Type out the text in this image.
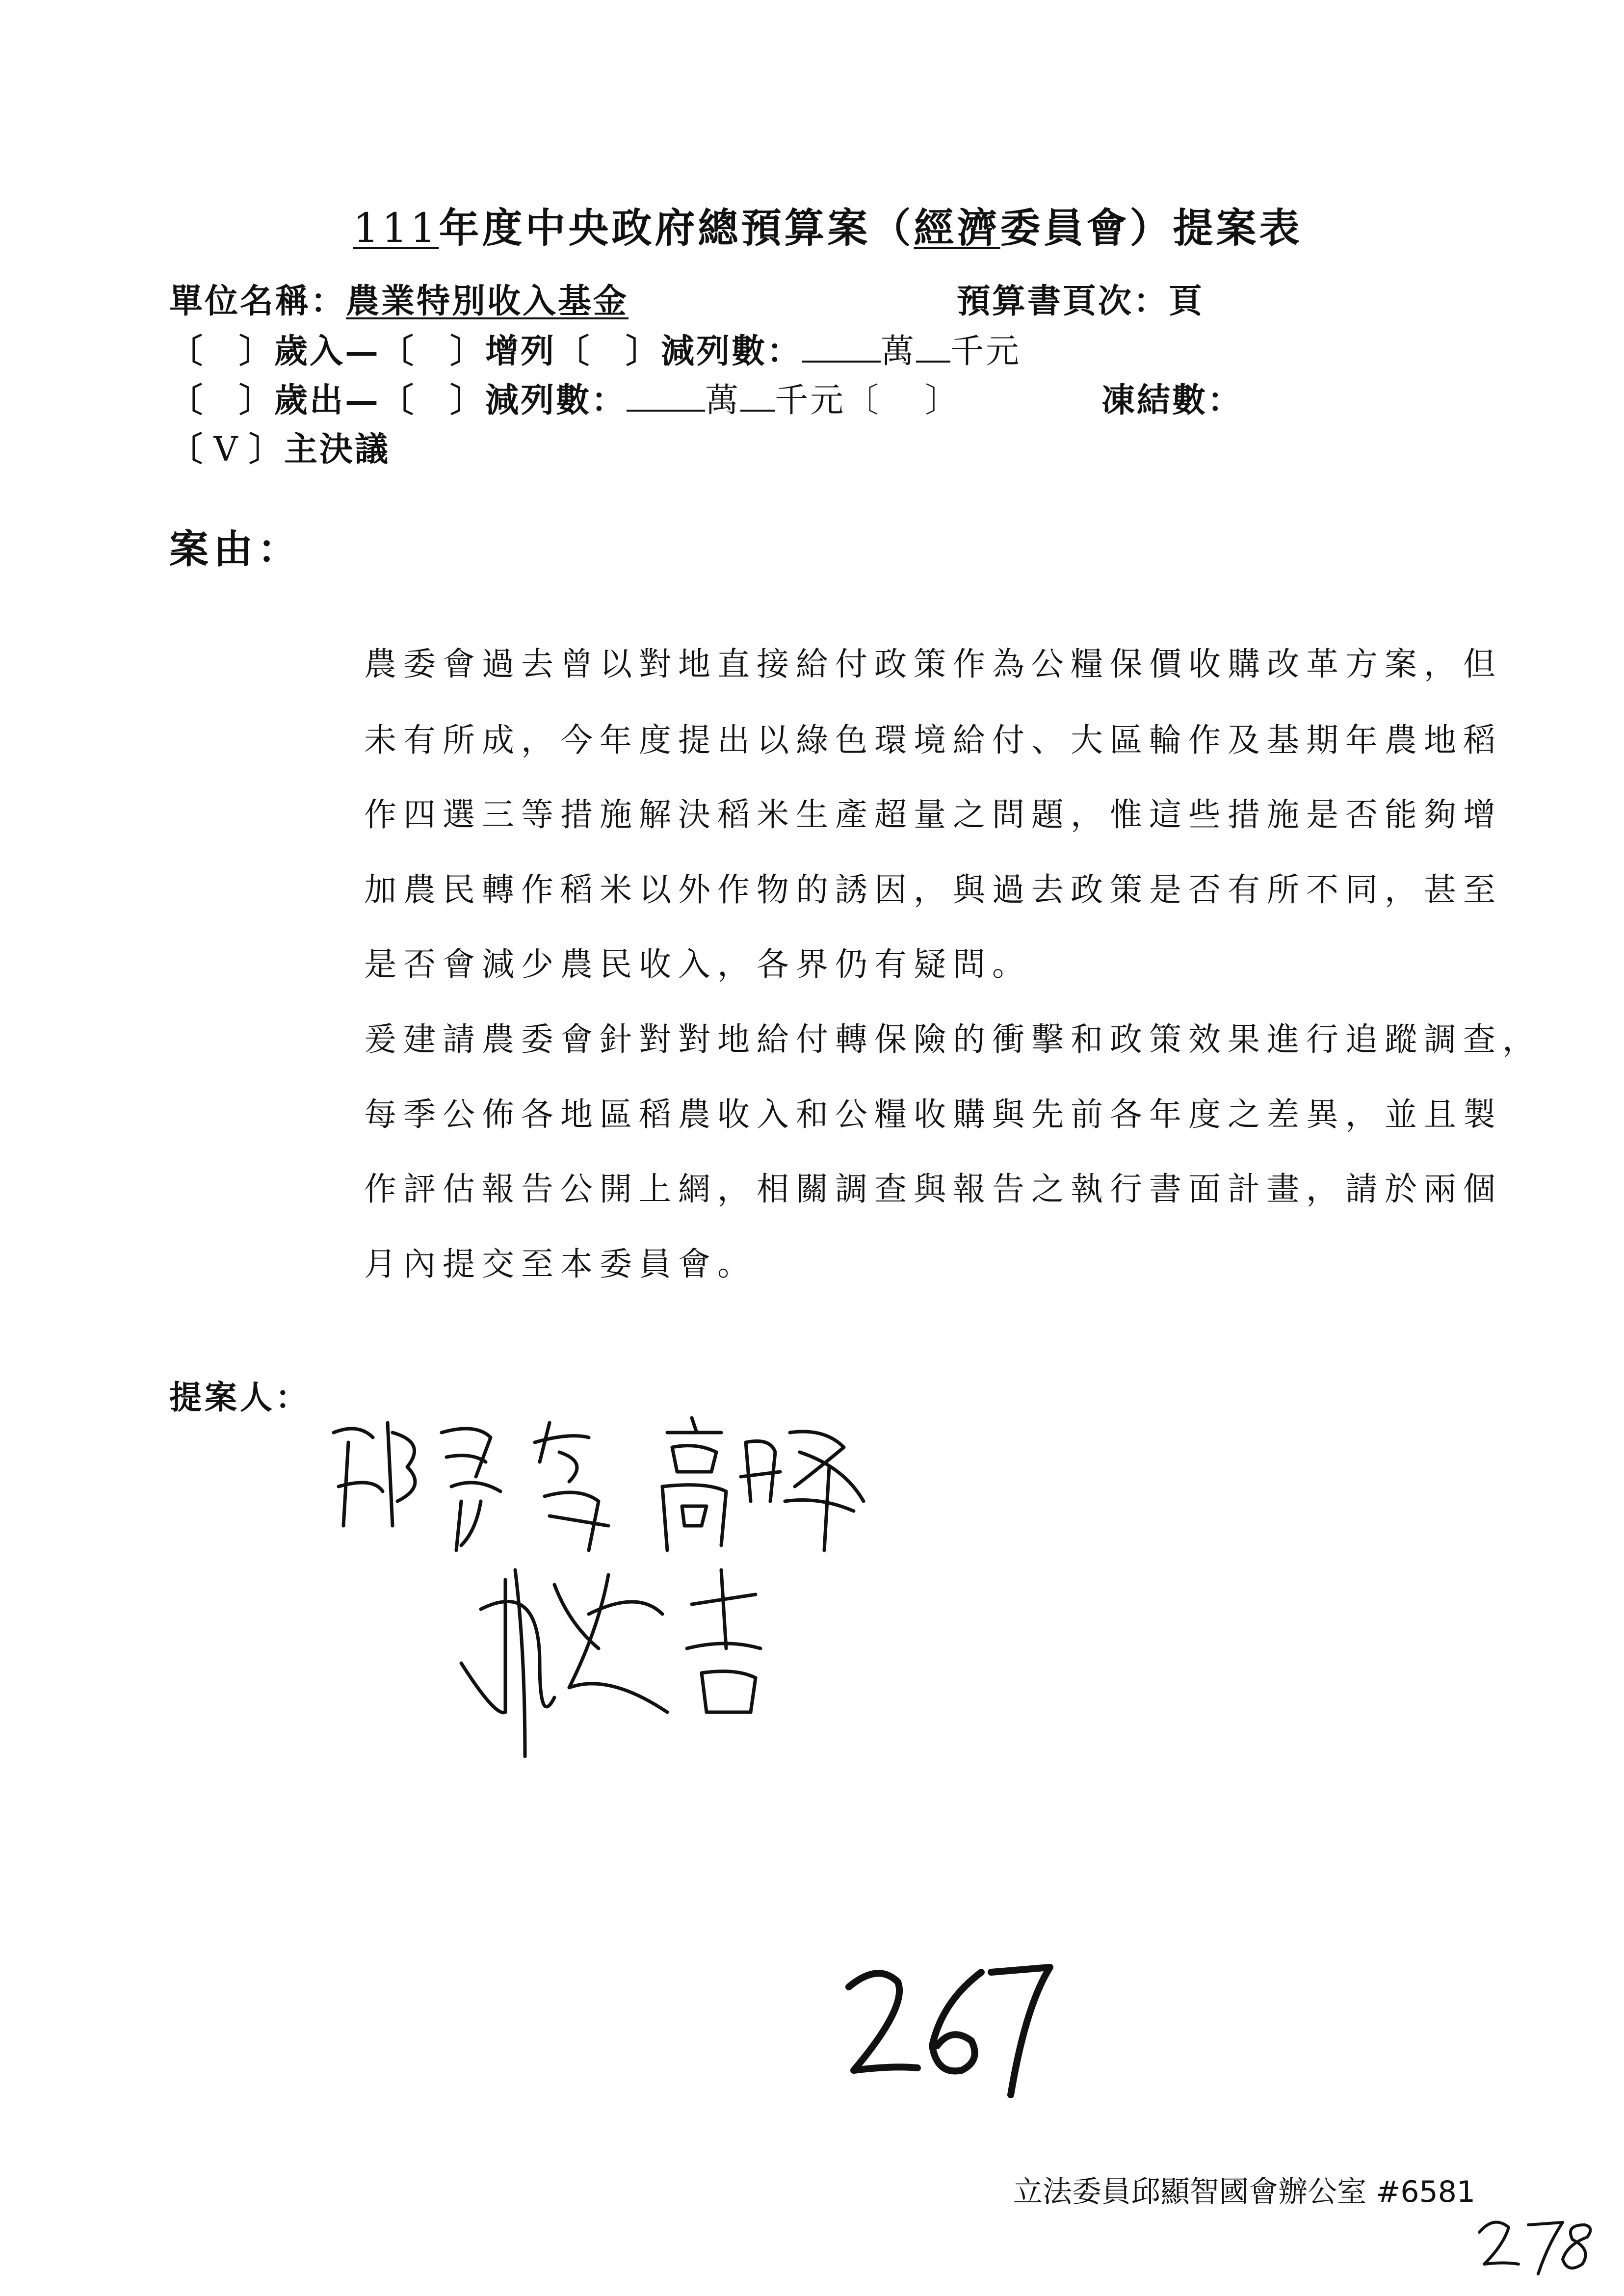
111年度中央政府總預算案（經濟委員會）提案表
單位名稱：農業特別收入基金	預算書頁次：頁
〔 〕歲入—〔 〕增列〔 〕減列數： 萬 千元
〔 〕歲出—〔 〕減列數： 萬 千元〔 〕	凍結數：
〔 V 〕主決議
案由：
農委會過去曾以對地直接給付政策作為公糧保價收購改革方案，但
未有所成，今年度提出以綠色環境給付、大區輪作及基期年農地稻
作四選三等措施解決稻米生產超量之問題，惟這些措施是否能夠增
加農民轉作稻米以外作物的誘因，與過去政策是否有所不同，甚至
是否會減少農民收入，各界仍有疑問。
爰建請農委會針對對地給付轉保險的衝擊和政策效果進行追蹤調查，
每季公佈各地區稻農收入和公糧收購與先前各年度之差異，並且製
作評估報告公開上網，相關調查與報告之執行書面計畫，請於兩個
月內提交至本委員會。
提案人：
立法委員邱顯智國會辦公室 #6581
